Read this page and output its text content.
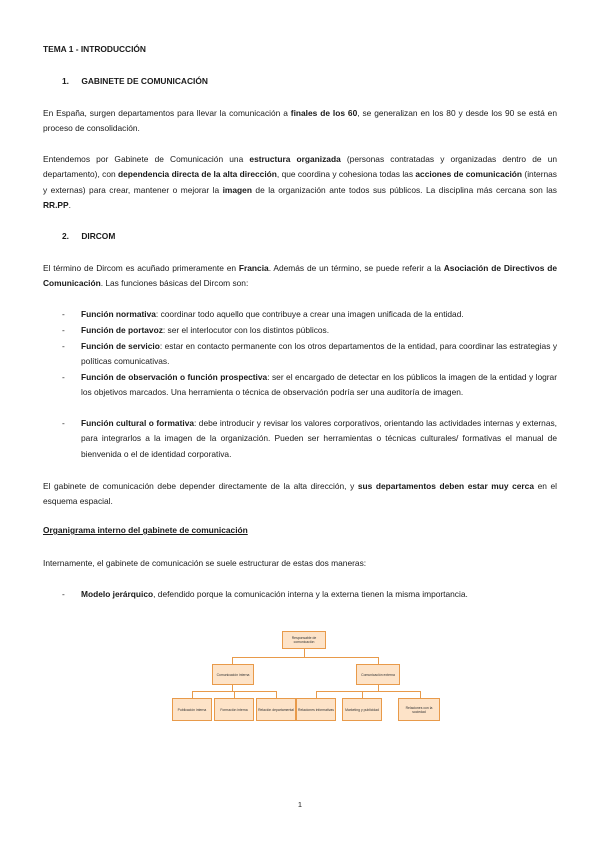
TEMA 1 - INTRODUCCIÓN
1. GABINETE DE COMUNICACIÓN
En España, surgen departamentos para llevar la comunicación a finales de los 60, se generalizan en los 80 y desde los 90 se está en proceso de consolidación.
Entendemos por Gabinete de Comunicación una estructura organizada (personas contratadas y organizadas dentro de un departamento), con dependencia directa de la alta dirección, que coordina y cohesiona todas las acciones de comunicación (internas y externas) para crear, mantener o mejorar la imagen de la organización ante todos sus públicos. La disciplina más cercana son las RR.PP.
2. DIRCOM
El término de Dircom es acuñado primeramente en Francia. Además de un término, se puede referir a la Asociación de Directivos de Comunicación. Las funciones básicas del Dircom son:
- Función normativa: coordinar todo aquello que contribuye a crear una imagen unificada de la entidad.
- Función de portavoz: ser el interlocutor con los distintos públicos.
- Función de servicio: estar en contacto permanente con los otros departamentos de la entidad, para coordinar las estrategias y políticas comunicativas.
- Función de observación o función prospectiva: ser el encargado de detectar en los públicos la imagen de la entidad y lograr los objetivos marcados. Una herramienta o técnica de observación podría ser una auditoría de imagen.
- Función cultural o formativa: debe introducir y revisar los valores corporativos, orientando las actividades internas y externas, para integrarlos a la imagen de la organización. Pueden ser herramientas o técnicas culturales/ formativas el manual de bienvenida o el de identidad corporativa.
El gabinete de comunicación debe depender directamente de la alta dirección, y sus departamentos deben estar muy cerca en el esquema espacial.
Organigrama interno del gabinete de comunicación
Internamente, el gabinete de comunicación se suele estructurar de estas dos maneras:
- Modelo jerárquico, defendido porque la comunicación interna y la externa tienen la misma importancia.
Responsable de comunicación
Comunicación interna	Comunicación externa
Publicación interna	Formación interna	Relación departamental	Relaciones informativas	Marketing y publicidad	Relaciones con la sociedad
1
